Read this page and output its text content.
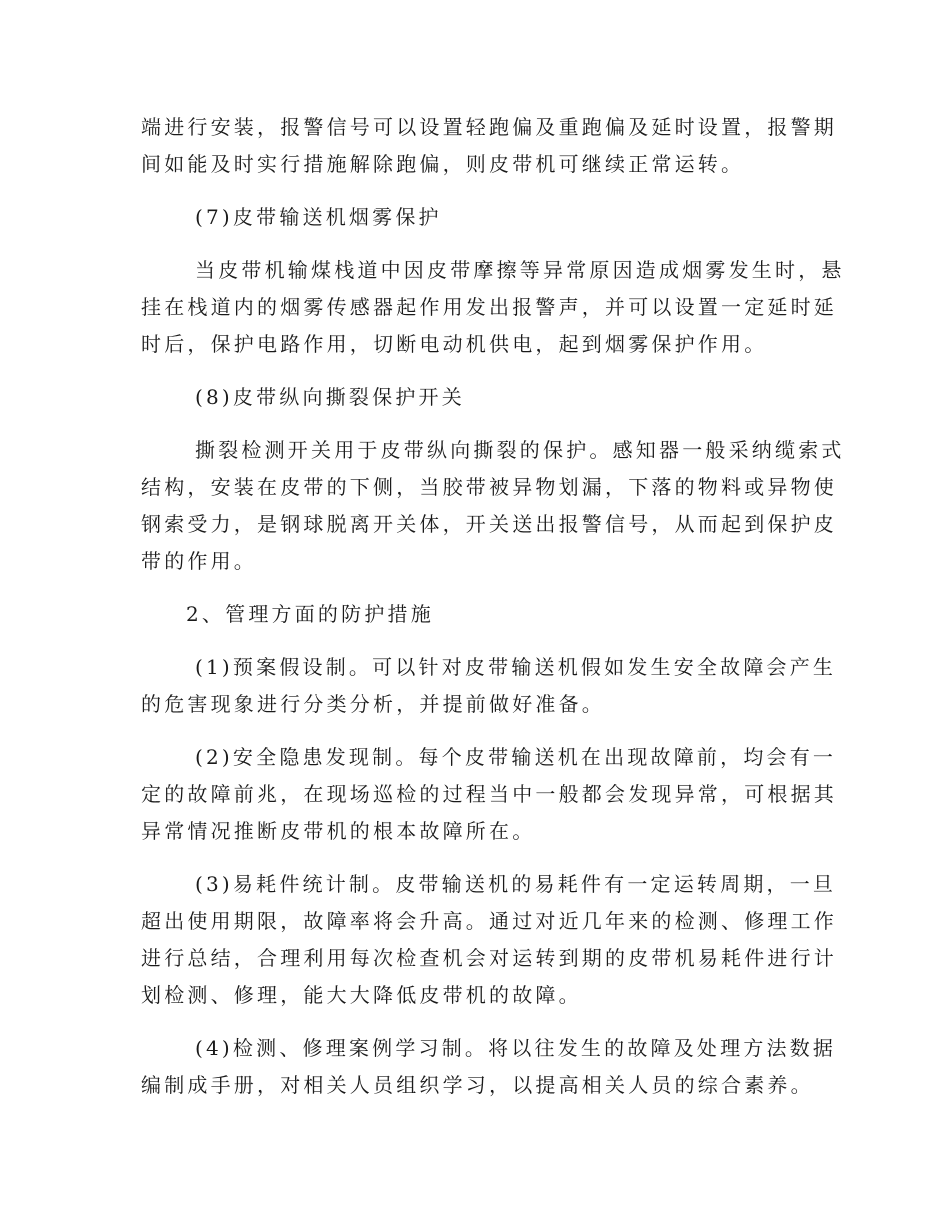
端进行安装，报警信号可以设置轻跑偏及重跑偏及延时设置，报警期
间如能及时实行措施解除跑偏，则皮带机可继续正常运转。
(7)皮带输送机烟雾保护
当皮带机输煤栈道中因皮带摩擦等异常原因造成烟雾发生时，悬
挂在栈道内的烟雾传感器起作用发出报警声，并可以设置一定延时延
时后，保护电路作用，切断电动机供电，起到烟雾保护作用。
(8)皮带纵向撕裂保护开关
撕裂检测开关用于皮带纵向撕裂的保护。感知器一般采纳缆索式
结构，安装在皮带的下侧，当胶带被异物划漏，下落的物料或异物使
钢索受力，是钢球脱离开关体，开关送出报警信号，从而起到保护皮
带的作用。
2、管理方面的防护措施
(1)预案假设制。可以针对皮带输送机假如发生安全故障会产生
的危害现象进行分类分析，并提前做好准备。
(2)安全隐患发现制。每个皮带输送机在出现故障前，均会有一
定的故障前兆，在现场巡检的过程当中一般都会发现异常，可根据其
异常情况推断皮带机的根本故障所在。
(3)易耗件统计制。皮带输送机的易耗件有一定运转周期，一旦
超出使用期限，故障率将会升高。通过对近几年来的检测、修理工作
进行总结，合理利用每次检查机会对运转到期的皮带机易耗件进行计
划检测、修理，能大大降低皮带机的故障。
(4)检测、修理案例学习制。将以往发生的故障及处理方法数据
编制成手册，对相关人员组织学习，以提高相关人员的综合素养。
